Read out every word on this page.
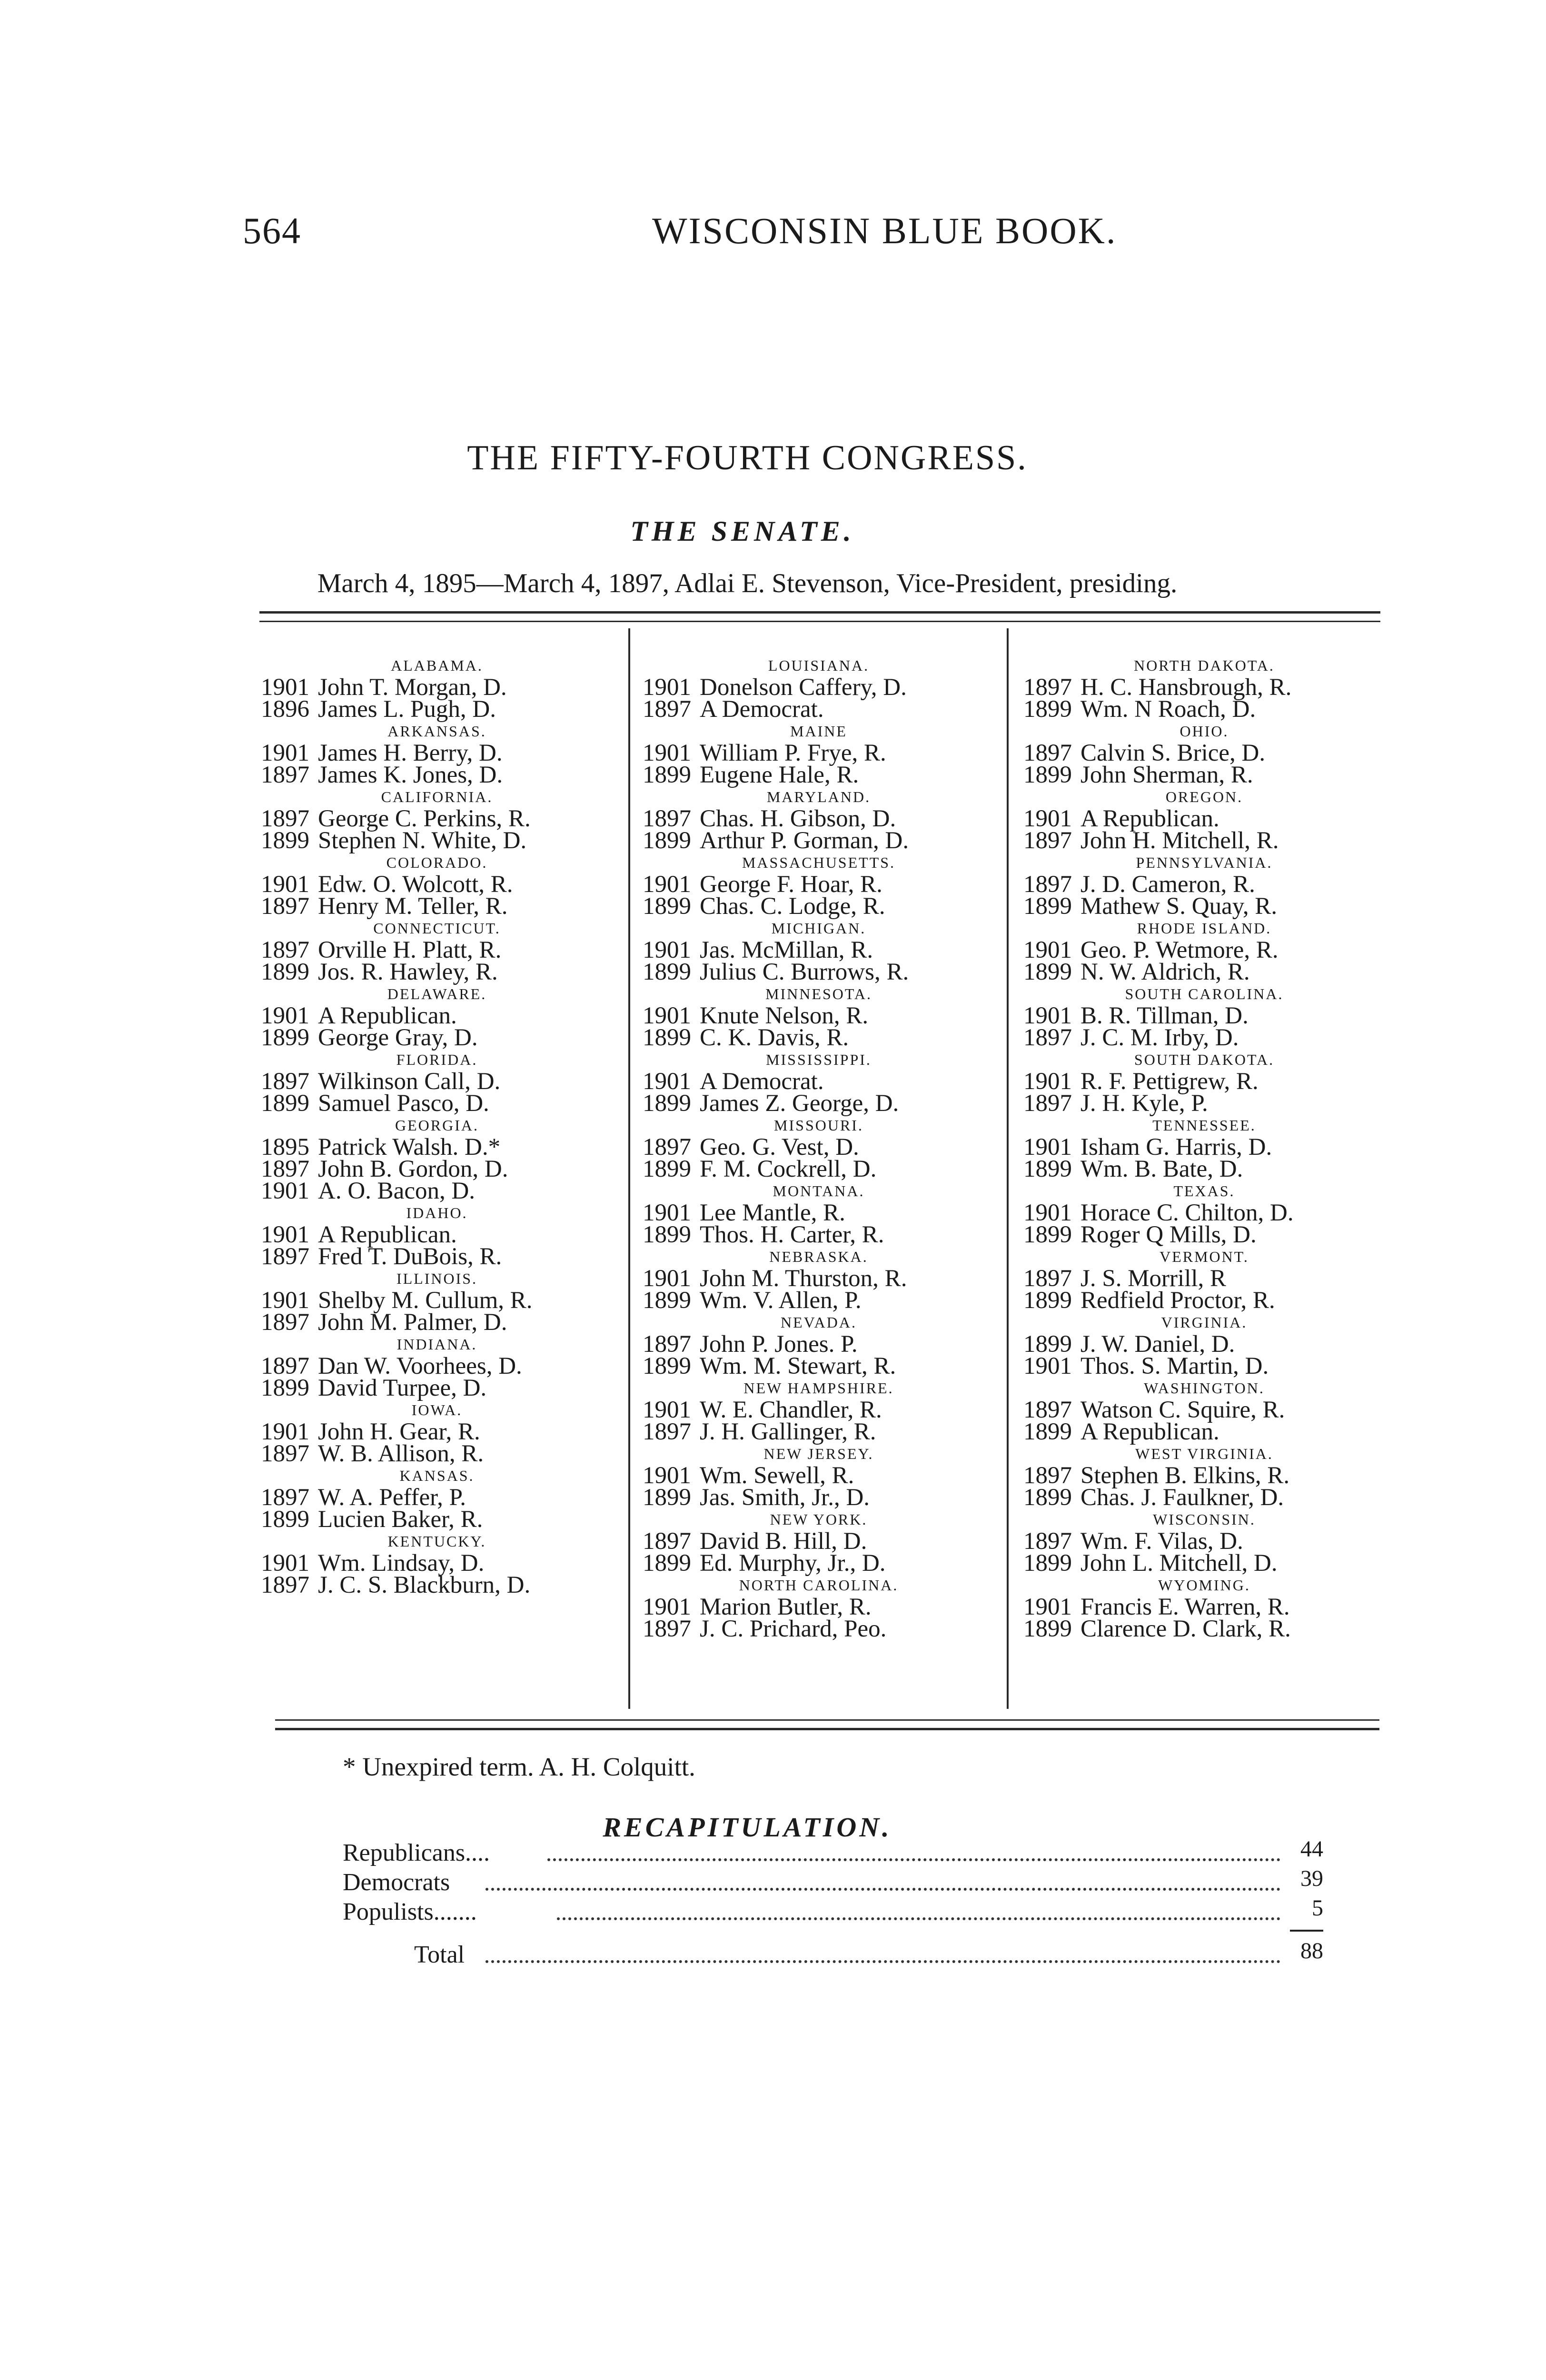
564	WISCONSIN BLUE BOOK.
THE FIFTY-FOURTH CONGRESS.
THE SENATE.
March 4, 1895—March 4, 1897, Adlai E. Stevenson, Vice-President, presiding.
ALABAMA.
1901 John T. Morgan, D.
1896 James L. Pugh, D.
ARKANSAS.
1901 James H. Berry, D.
1897 James K. Jones, D.
CALIFORNIA.
1897 George C. Perkins, R.
1899 Stephen N. White, D.
COLORADO.
1901 Edw. O. Wolcott, R.
1897 Henry M. Teller, R.
CONNECTICUT.
1897 Orville H. Platt, R.
1899 Jos. R. Hawley, R.
DELAWARE.
1901 A Republican.
1899 George Gray, D.
FLORIDA.
1897 Wilkinson Call, D.
1899 Samuel Pasco, D.
GEORGIA.
1895 Patrick Walsh. D.*
1897 John B. Gordon, D.
1901 A. O. Bacon, D.
IDAHO.
1901 A Republican.
1897 Fred T. DuBois, R.
ILLINOIS.
1901 Shelby M. Cullum, R.
1897 John M. Palmer, D.
INDIANA.
1897 Dan W. Voorhees, D.
1899 David Turpee, D.
IOWA.
1901 John H. Gear, R.
1897 W. B. Allison, R.
KANSAS.
1897 W. A. Peffer, P.
1899 Lucien Baker, R.
KENTUCKY.
1901 Wm. Lindsay, D.
1897 J. C. S. Blackburn, D.
LOUISIANA.
1901 Donelson Caffery, D.
1897 A Democrat.
MAINE
1901 William P. Frye, R.
1899 Eugene Hale, R.
MARYLAND.
1897 Chas. H. Gibson, D.
1899 Arthur P. Gorman, D.
MASSACHUSETTS.
1901 George F. Hoar, R.
1899 Chas. C. Lodge, R.
MICHIGAN.
1901 Jas. McMillan, R.
1899 Julius C. Burrows, R.
MINNESOTA.
1901 Knute Nelson, R.
1899 C. K. Davis, R.
MISSISSIPPI.
1901 A Democrat.
1899 James Z. George, D.
MISSOURI.
1897 Geo. G. Vest, D.
1899 F. M. Cockrell, D.
MONTANA.
1901 Lee Mantle, R.
1899 Thos. H. Carter, R.
NEBRASKA.
1901 John M. Thurston, R.
1899 Wm. V. Allen, P.
NEVADA.
1897 John P. Jones. P.
1899 Wm. M. Stewart, R.
NEW HAMPSHIRE.
1901 W. E. Chandler, R.
1897 J. H. Gallinger, R.
NEW JERSEY.
1901 Wm. Sewell, R.
1899 Jas. Smith, Jr., D.
NEW YORK.
1897 David B. Hill, D.
1899 Ed. Murphy, Jr., D.
NORTH CAROLINA.
1901 Marion Butler, R.
1897 J. C. Prichard, Peo.
NORTH DAKOTA.
1897 H. C. Hansbrough, R.
1899 Wm. N Roach, D.
OHIO.
1897 Calvin S. Brice, D.
1899 John Sherman, R.
OREGON.
1901 A Republican.
1897 John H. Mitchell, R.
PENNSYLVANIA.
1897 J. D. Cameron, R.
1899 Mathew S. Quay, R.
RHODE ISLAND.
1901 Geo. P. Wetmore, R.
1899 N. W. Aldrich, R.
SOUTH CAROLINA.
1901 B. R. Tillman, D.
1897 J. C. M. Irby, D.
SOUTH DAKOTA.
1901 R. F. Pettigrew, R.
1897 J. H. Kyle, P.
TENNESSEE.
1901 Isham G. Harris, D.
1899 Wm. B. Bate, D.
TEXAS.
1901 Horace C. Chilton, D.
1899 Roger Q Mills, D.
VERMONT.
1897 J. S. Morrill, R
1899 Redfield Proctor, R.
VIRGINIA.
1899 J. W. Daniel, D.
1901 Thos. S. Martin, D.
WASHINGTON.
1897 Watson C. Squire, R.
1899 A Republican.
WEST VIRGINIA.
1897 Stephen B. Elkins, R.
1899 Chas. J. Faulkner, D.
WISCONSIN.
1897 Wm. F. Vilas, D.
1899 John L. Mitchell, D.
WYOMING.
1901 Francis E. Warren, R.
1899 Clarence D. Clark, R.
* Unexpired term. A. H. Colquitt.
RECAPITULATION.
Republicans....	44
Democrats	39
Populists.......	5
Total	88
